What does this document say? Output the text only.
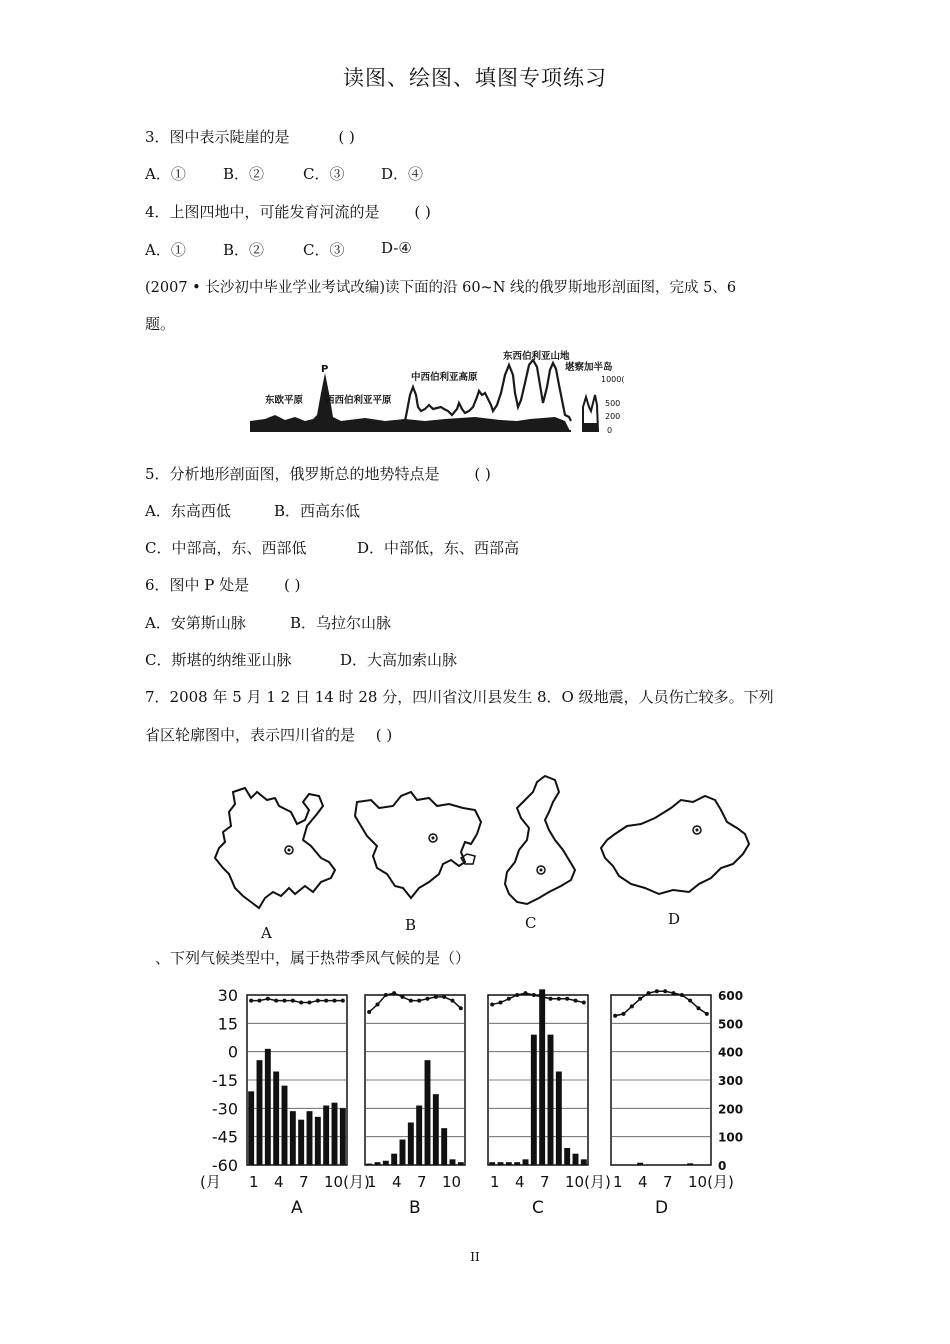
读图、绘图、填图专项练习
3．图中表示陡崖的是	( )
A．① B．②	C．③ D．④
4．上图四地中，可能发育河流的是 ( )
A．① B．②	C．③ D-④
(2007 • 长沙初中毕业学业考试改编)读下面的沿 60~N 线的俄罗斯地形剖面图，完成 5、6
题。
东欧平原
P
西西伯利亚平原
中西伯利亚高原
东西伯利亚山地
堪察加半岛
1000(
500
200
0
5．分析地形剖面图，俄罗斯总的地势特点是 ( )
A．东高西低	B．西高东低
C．中部高，东、西部低	D．中部低，东、西部高
6．图中 P 处是 ( )
A．安第斯山脉	B．乌拉尔山脉
C．斯堪的纳维亚山脉	D．大高加索山脉
7．2008 年 5 月 1 2 日 14 时 28 分，四川省汶川县发生 8．O 级地震，人员伤亡较多。下列
省区轮廓图中，表示四川省的是 ( )
A	B	C	D
、下列气候类型中，属于热带季风气候的是（）
30
15
0
-15
-30
-45
-60
600
500
400
300
200
100
0
1 4 7 10(月)
A
1 4 7 10
(月
B
1 4 7 10(月)
C
1 4 7 10(月)
D
II
